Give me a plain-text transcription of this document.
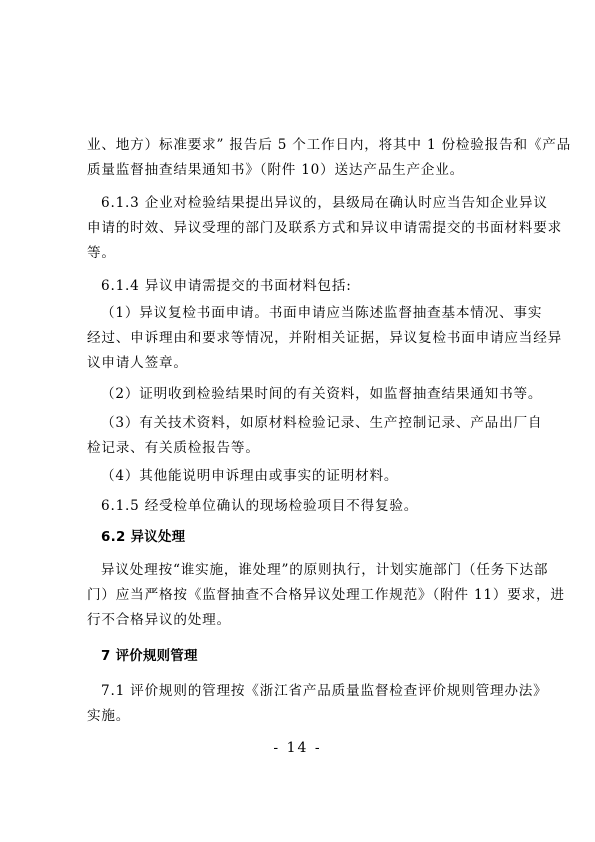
业、地方）标准要求” 报告后 5 个工作日内，将其中 1 份检验报告和《产品
质量监督抽查结果通知书》（附件 10）送达产品生产企业。
6.1.3 企业对检验结果提出异议的，县级局在确认时应当告知企业异议
申请的时效、异议受理的部门及联系方式和异议申请需提交的书面材料要求
等。
6.1.4 异议申请需提交的书面材料包括:
（1）异议复检书面申请。书面申请应当陈述监督抽查基本情况、事实
经过、申诉理由和要求等情况，并附相关证据，异议复检书面申请应当经异
议申请人签章。
（2）证明收到检验结果时间的有关资料，如监督抽查结果通知书等。
（3）有关技术资料，如原材料检验记录、生产控制记录、产品出厂自
检记录、有关质检报告等。
（4）其他能说明申诉理由或事实的证明材料。
6.1.5 经受检单位确认的现场检验项目不得复验。
6.2 异议处理
异议处理按“谁实施，谁处理”的原则执行，计划实施部门（任务下达部
门）应当严格按《监督抽查不合格异议处理工作规范》（附件 11）要求，进
行不合格异议的处理。
7 评价规则管理
7.1 评价规则的管理按《浙江省产品质量监督检查评价规则管理办法》
实施。
- 14 -
